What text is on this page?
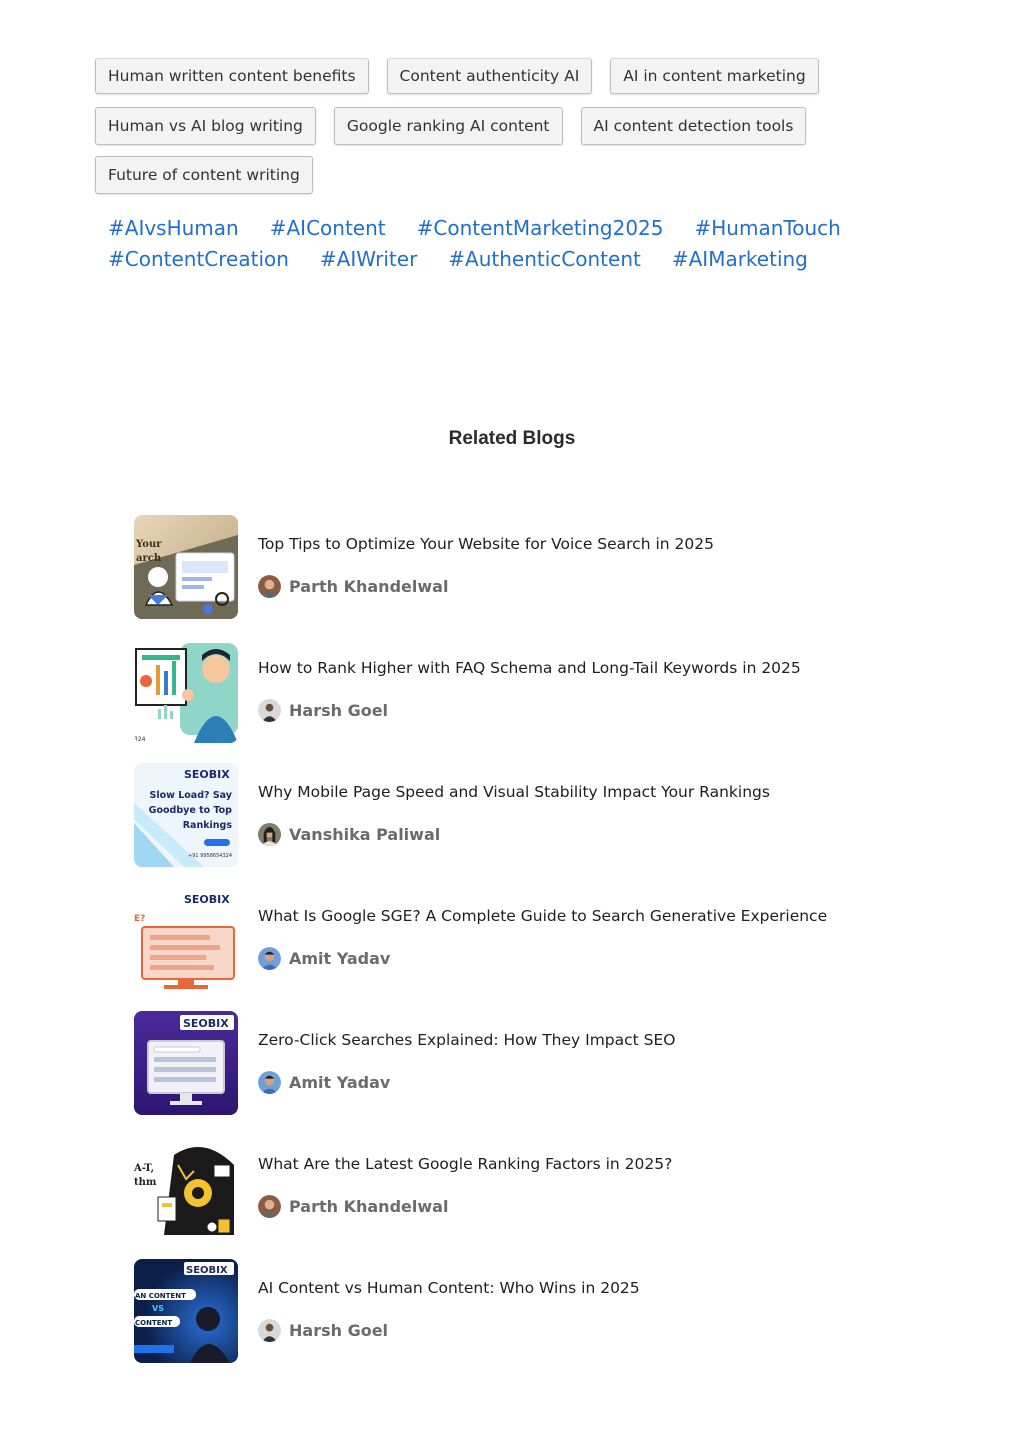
Human written content benefits	Content authenticity AI	AI in content marketing
Human vs AI blog writing	Google ranking AI content	AI content detection tools
Future of content writing
#AIvsHuman #AIContent #ContentMarketing2025 #HumanTouch
#ContentCreation #AIWriter #AuthenticContent #AIMarketing
Related Blogs
Your
arch
Top Tips to Optimize Your Website for Voice Search in 2025
Parth Khandelwal
324
How to Rank Higher with FAQ Schema and Long-Tail Keywords in 2025
Harsh Goel
SEOBIX
Slow Load? Say
Goodbye to Top
Rankings
+91 9958654324
Why Mobile Page Speed and Visual Stability Impact Your Rankings
Vanshika Paliwal
SEOBIX
E?	What Is Google SGE? A Complete Guide to Search Generative Experience
Amit Yadav
SEOBIX
Zero-Click Searches Explained: How They Impact SEO
Amit Yadav
A-T,
thm
What Are the Latest Google Ranking Factors in 2025?
Parth Khandelwal
SEOBIX
AN CONTENT
VS
CONTENT
AI Content vs Human Content: Who Wins in 2025
Harsh Goel
